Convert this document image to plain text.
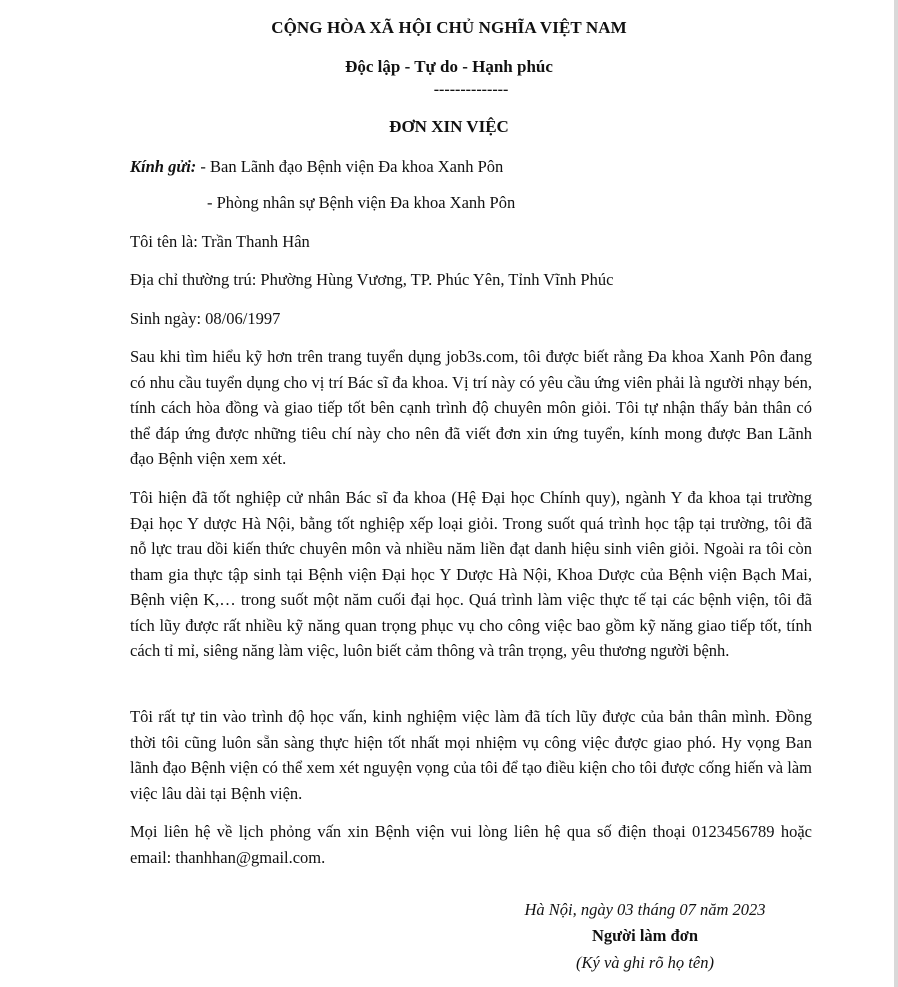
CỘNG HÒA XÃ HỘI CHỦ NGHĨA VIỆT NAM
Độc lập - Tự do - Hạnh phúc
--------------
ĐƠN XIN VIỆC
Kính gửi: - Ban Lãnh đạo Bệnh viện Đa khoa Xanh Pôn
- Phòng nhân sự Bệnh viện Đa khoa Xanh Pôn
Tôi tên là: Trần Thanh Hân
Địa chỉ thường trú: Phường Hùng Vương, TP. Phúc Yên, Tỉnh Vĩnh Phúc
Sinh ngày: 08/06/1997
Sau khi tìm hiểu kỹ hơn trên trang tuyển dụng job3s.com, tôi được biết rằng Đa khoa Xanh Pôn đang có nhu cầu tuyển dụng cho vị trí Bác sĩ đa khoa. Vị trí này có yêu cầu ứng viên phải là người nhạy bén, tính cách hòa đồng và giao tiếp tốt bên cạnh trình độ chuyên môn giỏi. Tôi tự nhận thấy bản thân có thể đáp ứng được những tiêu chí này cho nên đã viết đơn xin ứng tuyển, kính mong được Ban Lãnh đạo Bệnh viện xem xét.
Tôi hiện đã tốt nghiệp cử nhân Bác sĩ đa khoa (Hệ Đại học Chính quy), ngành Y đa khoa tại trường Đại học Y dược Hà Nội, bằng tốt nghiệp xếp loại giỏi. Trong suốt quá trình học tập tại trường, tôi đã nỗ lực trau dồi kiến thức chuyên môn và nhiều năm liền đạt danh hiệu sinh viên giỏi. Ngoài ra tôi còn tham gia thực tập sinh tại Bệnh viện Đại học Y Dược Hà Nội, Khoa Dược của Bệnh viện Bạch Mai, Bệnh viện K,… trong suốt một năm cuối đại học. Quá trình làm việc thực tế tại các bệnh viện, tôi đã tích lũy được rất nhiều kỹ năng quan trọng phục vụ cho công việc bao gồm kỹ năng giao tiếp tốt, tính cách tỉ mỉ, siêng năng làm việc, luôn biết cảm thông và trân trọng, yêu thương người bệnh.
Tôi rất tự tin vào trình độ học vấn, kinh nghiệm việc làm đã tích lũy được của bản thân mình. Đồng thời tôi cũng luôn sẵn sàng thực hiện tốt nhất mọi nhiệm vụ công việc được giao phó. Hy vọng Ban lãnh đạo Bệnh viện có thể xem xét nguyện vọng của tôi để tạo điều kiện cho tôi được cống hiến và làm việc lâu dài tại Bệnh viện.
Mọi liên hệ về lịch phỏng vấn xin Bệnh viện vui lòng liên hệ qua số điện thoại 0123456789 hoặc email: thanhhan@gmail.com.
Hà Nội, ngày 03 tháng 07 năm 2023
Người làm đơn
(Ký và ghi rõ họ tên)
